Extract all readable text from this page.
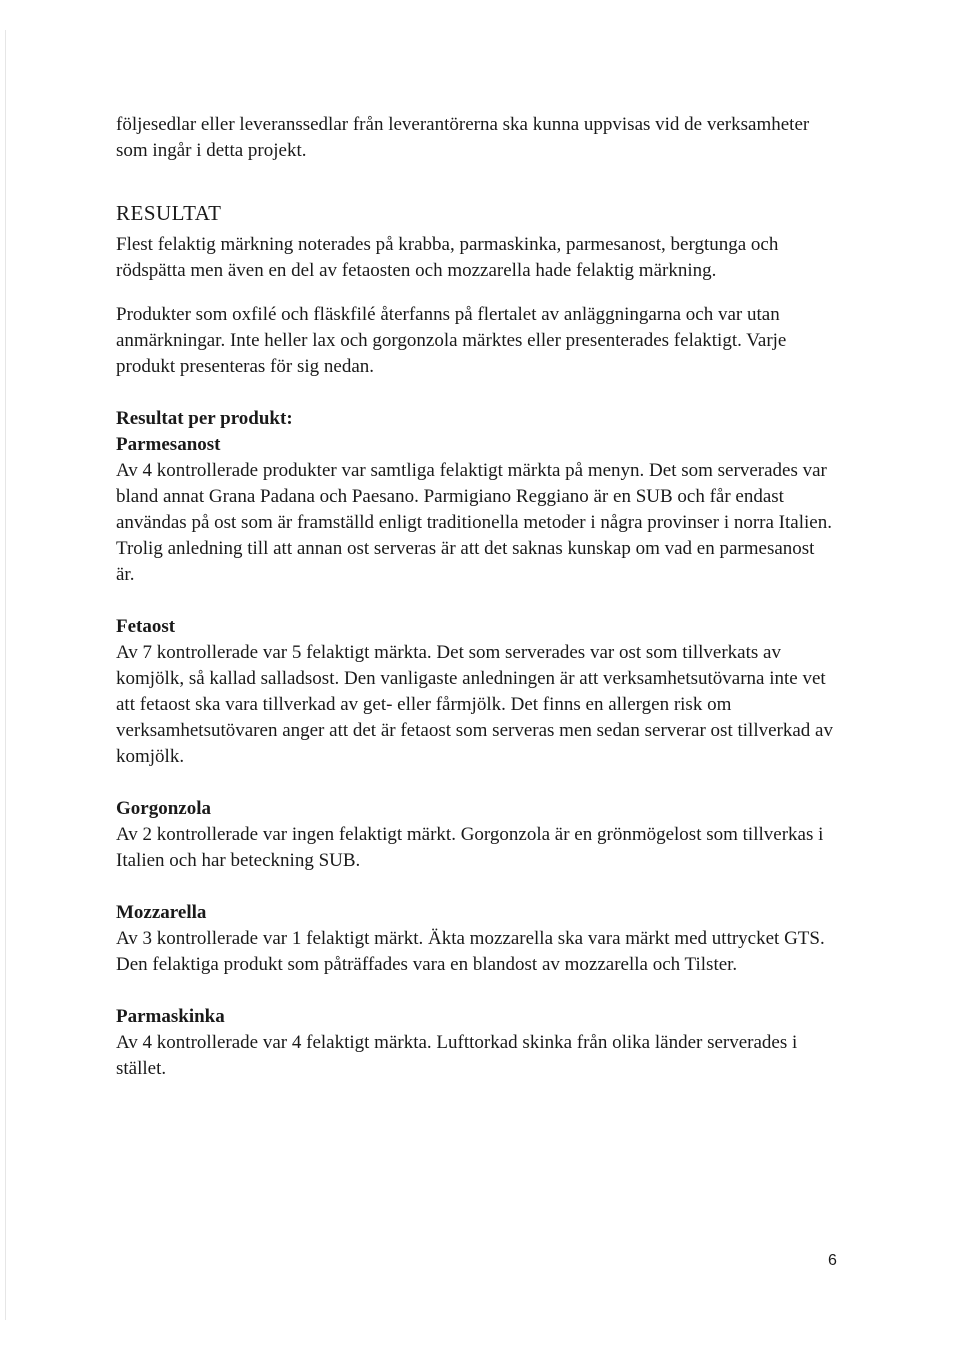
följesedlar eller leveranssedlar från leverantörerna ska kunna uppvisas vid de verksamheter som ingår i detta projekt.

RESULTAT

Flest felaktig märkning noterades på krabba, parmaskinka, parmesanost, bergtunga och rödspätta men även en del av fetaosten och mozzarella hade felaktig märkning.

Produkter som oxfilé och fläskfilé återfanns på flertalet av anläggningarna och var utan anmärkningar. Inte heller lax och gorgonzola märktes eller presenterades felaktigt. Varje produkt presenteras för sig nedan.

Resultat per produkt:

Parmesanost

Av 4 kontrollerade produkter var samtliga felaktigt märkta på menyn. Det som serverades var bland annat Grana Padana och Paesano. Parmigiano Reggiano är en SUB och får endast användas på ost som är framställd enligt traditionella metoder i några provinser i norra Italien. Trolig anledning till att annan ost serveras är att det saknas kunskap om vad en parmesanost är.

Fetaost

Av 7 kontrollerade var 5 felaktigt märkta. Det som serverades var ost som tillverkats av komjölk, så kallad salladsost. Den vanligaste anledningen är att verksamhetsutövarna inte vet att fetaost ska vara tillverkad av get- eller fårmjölk. Det finns en allergen risk om verksamhetsutövaren anger att det är fetaost som serveras men sedan serverar ost tillverkad av komjölk.

Gorgonzola

Av 2 kontrollerade var ingen felaktigt märkt. Gorgonzola är en grönmögelost som tillverkas i Italien och har beteckning SUB.

Mozzarella

Av 3 kontrollerade var 1 felaktigt märkt. Äkta mozzarella ska vara märkt med uttrycket GTS. Den felaktiga produkt som påträffades vara en blandost av mozzarella och Tilster.

Parmaskinka

Av 4 kontrollerade var 4 felaktigt märkta. Lufttorkad skinka från olika länder serverades i stället.

6
